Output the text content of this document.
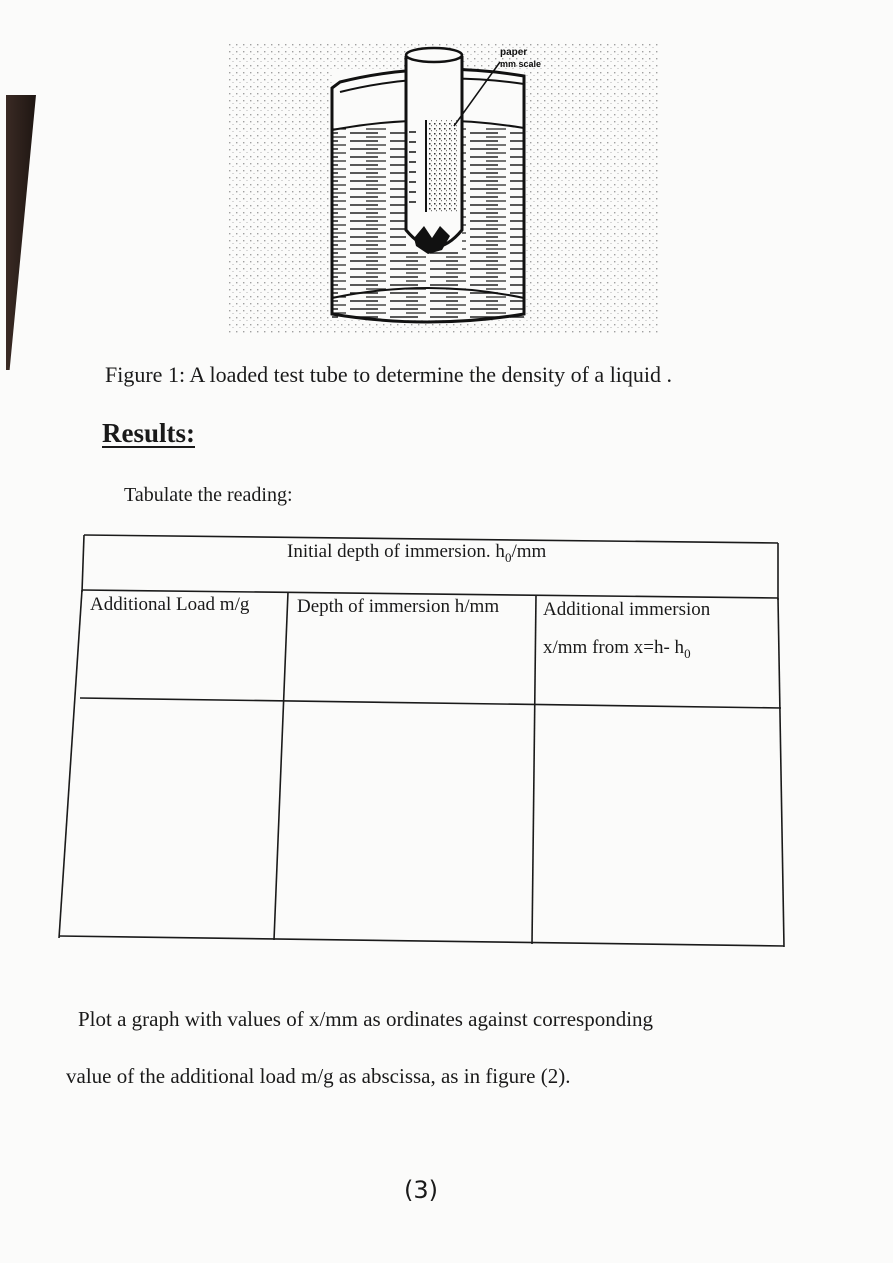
paper
mm scale
Figure 1: A loaded test tube to determine the density of a liquid .
Results:
Tabulate the reading:
Initial depth of immersion. $h_0/mm$
Additional Load m/g	Depth of immersion h/mm Additional immersion
x/mm from x=h- $h_0$
Plot a graph with values of x/mm as ordinates against corresponding
value of the additional load m/g as abscissa, as in figure (2).
(3)
